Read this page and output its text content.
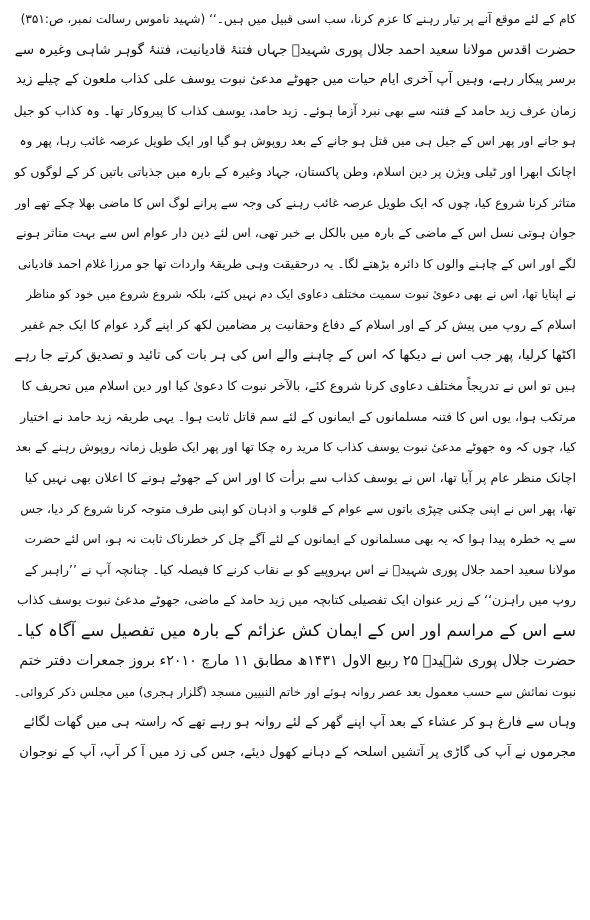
کام کے لئے موقع آنے پر تیار رہنے کا عزم کرنا، سب اسی قبیل میں ہیں۔‘‘ (شہید ناموس رسالت نمبر، ص:۳۵۱)
حضرت اقدس مولانا سعید احمد جلال پوری شہیدؒ جہاں فتنۂ قادیانیت، فتنۂ گوہر شاہی وغیرہ سے
برسر پیکار رہے، وہیں آپ آخری ایام حیات میں جھوٹے مدعیٔ نبوت یوسف علی کذاب ملعون کے چیلے زید
زمان عرف زید حامد کے فتنہ سے بھی نبرد آزما ہوئے۔ زید حامد، یوسف کذاب کا پیروکار تھا۔ وہ کذاب کو جیل
ہو جانے اور پھر اس کے جیل ہی میں قتل ہو جانے کے بعد روپوش ہو گیا اور ایک طویل عرصہ غائب رہا، پھر وہ
اچانک ابھرا اور ٹیلی ویژن پر دین اسلام، وطن پاکستان، جہاد وغیرہ کے بارہ میں جذباتی باتیں کر کے لوگوں کو
متاثر کرنا شروع کیا، چوں کہ ایک طویل عرصہ غائب رہنے کی وجہ سے پرانے لوگ اس کا ماضی بھلا چکے تھے اور
جوان ہوتی نسل اس کے ماضی کے بارہ میں بالکل بے خبر تھی، اس لئے دین دار عوام اس سے بہت متاثر ہونے
لگے اور اس کے چاہنے والوں کا دائرہ بڑھتے لگا۔ یہ درحقیقت وہی طریقۂ واردات تھا جو مرزا غلام احمد قادیانی
نے اپنایا تھا، اس نے بھی دعویٔ نبوت سمیت مختلف دعاوی ایک دم نہیں کئے، بلکہ شروع شروع میں خود کو مناظر
اسلام کے روپ میں پیش کر کے اور اسلام کے دفاع وحقانیت پر مضامین لکھ کر اپنے گرد عوام کا ایک جم غفیر
اکٹھا کرلیا، پھر جب اس نے دیکھا کہ اس کے چاہنے والے اس کی ہر بات کی تائید و تصدیق کرتے جا رہے
ہیں تو اس نے تدریجاً مختلف دعاوی کرنا شروع کئے، بالآخر نبوت کا دعویٰ کیا اور دین اسلام میں تحریف کا
مرتکب ہوا، یوں اس کا فتنہ مسلمانوں کے ایمانوں کے لئے سم قاتل ثابت ہوا۔ یہی طریقہ زید حامد نے اختیار
کیا، چوں کہ وہ جھوٹے مدعیٔ نبوت یوسف کذاب کا مرید رہ چکا تھا اور پھر ایک طویل زمانہ روپوش رہنے کے بعد
اچانک منظر عام پر آیا تھا، اس نے یوسف کذاب سے برأت کا اور اس کے جھوٹے ہونے کا اعلان بھی نہیں کیا
تھا، پھر اس نے اپنی چکنی چپڑی باتوں سے عوام کے قلوب و اذہان کو اپنی طرف متوجہ کرنا شروع کر دیا، جس
سے یہ خطرہ پیدا ہوا کہ یہ بھی مسلمانوں کے ایمانوں کے لئے آگے چل کر خطرناک ثابت نہ ہو، اس لئے حضرت
مولانا سعید احمد جلال پوری شہیدؒ نے اس بہروپیے کو بے نقاب کرنے کا فیصلہ کیا۔ چنانچہ آپ نے ’’راہبر کے
روپ میں راہزن‘‘ کے زیر عنوان ایک تفصیلی کتابچہ میں زید حامد کے ماضی، جھوٹے مدعیٔ نبوت یوسف کذاب
سے اس کے مراسم اور اس کے ایمان کش عزائم کے بارہ میں تفصیل سے آگاہ کیا۔
حضرت جلال پوری شہیدؒ ۲۵ ربیع الاول ۱۴۳۱ھ مطابق ۱۱ مارچ ۲۰۱۰ء بروز جمعرات دفتر ختم
نبوت نمائش سے حسب معمول بعد عصر روانہ ہوئے اور خاتم النبیین مسجد (گلزار ہجری) میں مجلس ذکر کروائی۔
وہاں سے فارغ ہو کر عشاء کے بعد آپ اپنے گھر کے لئے روانہ ہو رہے تھے کہ راستہ ہی میں گھات لگائے
مجرموں نے آپ کی گاڑی پر آتشیں اسلحہ کے دہانے کھول دیئے، جس کی زد میں آ کر آپ، آپ کے نوجوان
